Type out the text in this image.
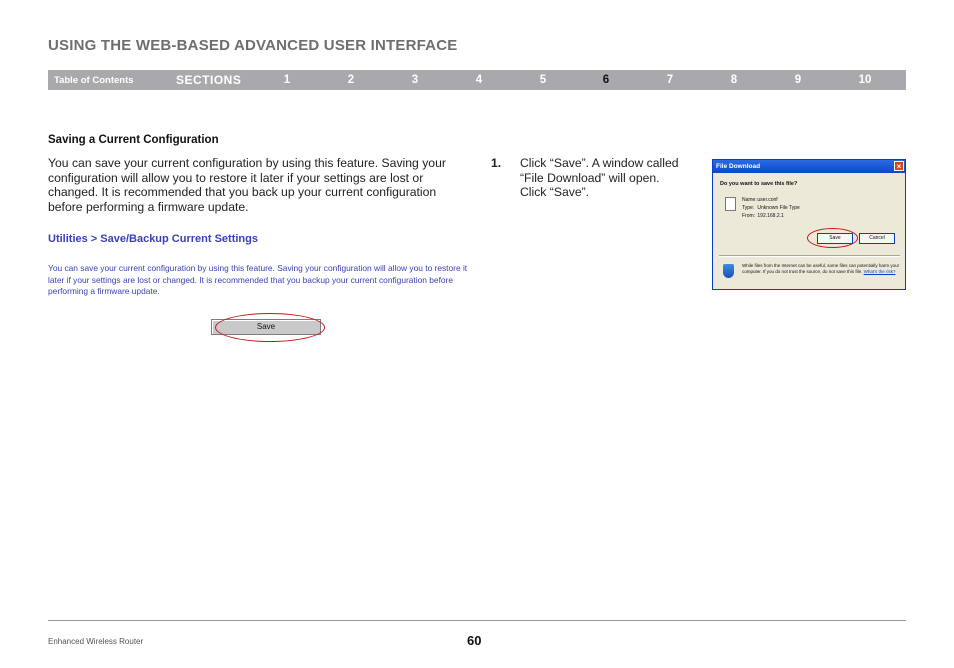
USING THE WEB-BASED ADVANCED USER INTERFACE
Table of Contents	SECTIONS	1	2	3	4	5	6	7	8	9	10
Saving a Current Configuration
You can save your current configuration by using this feature. Saving your configuration will allow you to restore it later if your settings are lost or changed. It is recommended that you back up your current configuration before performing a firmware update.
Utilities > Save/Backup Current Settings
You can save your current configuration by using this feature. Saving your configuration will allow you to restore it later if your settings are lost or changed. It is recommended that you backup your current configuration before performing a firmware update.
Save
1. Click “Save”. A window called “File Download” will open. Click “Save”.
File Download	×
Do you want to save this file?
Name: user.conf
Type: Unknown File Type
From: 192.168.2.1
Save	Cancel
While files from the Internet can be useful, some files can potentially harm your computer. If you do not trust the source, do not save this file. What's the risk?
Enhanced Wireless Router	60
